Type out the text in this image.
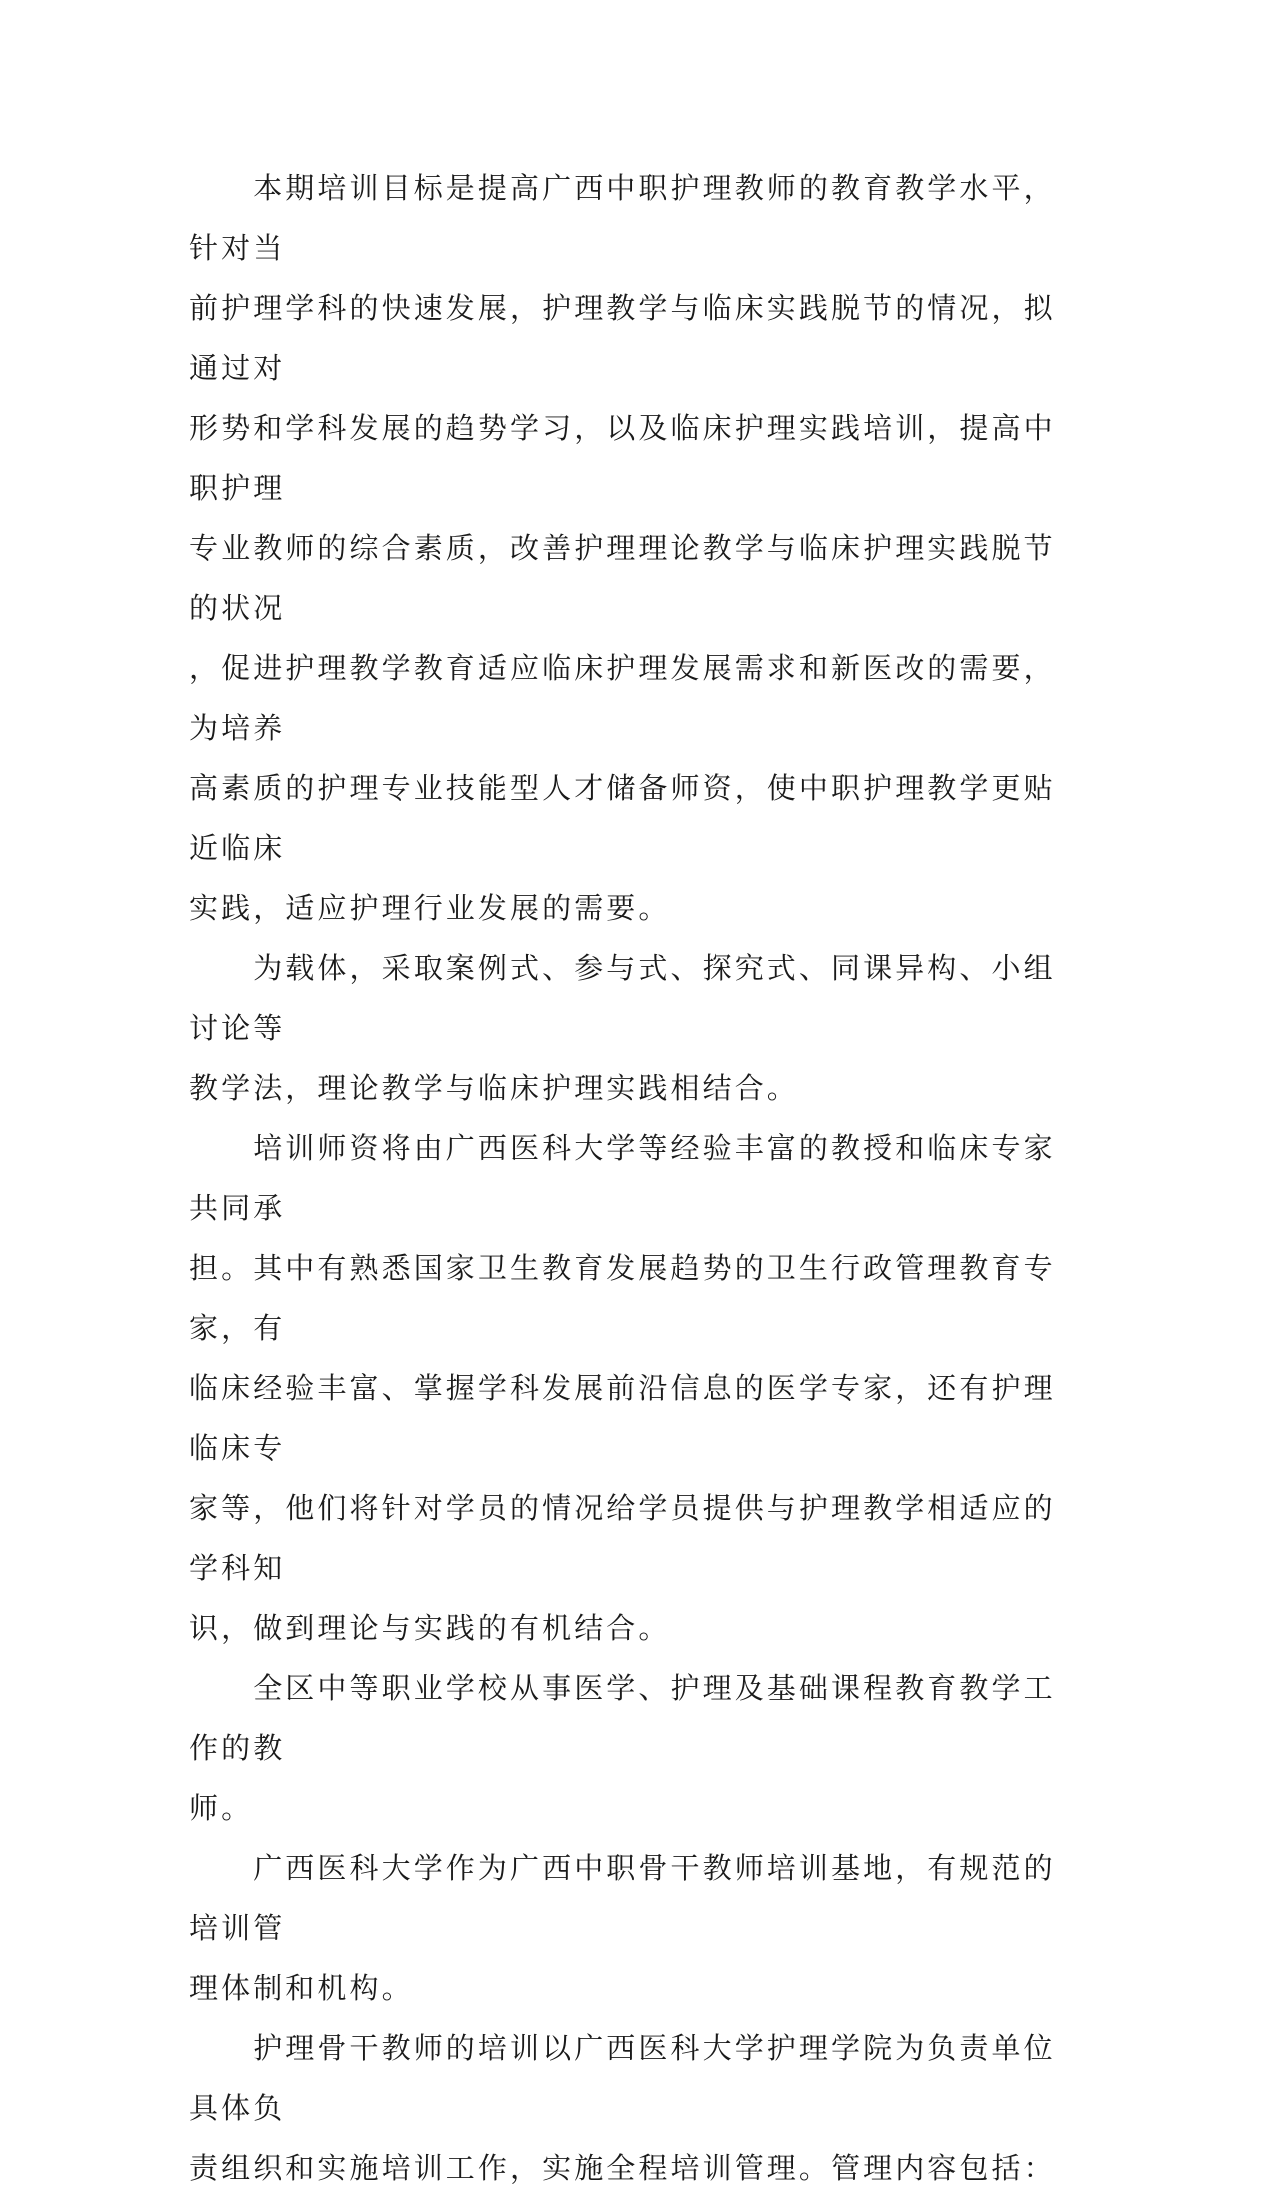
　　本期培训目标是提高广西中职护理教师的教育教学水平，针对当
前护理学科的快速发展，护理教学与临床实践脱节的情况，拟通过对
形势和学科发展的趋势学习，以及临床护理实践培训，提高中职护理
专业教师的综合素质，改善护理理论教学与临床护理实践脱节的状况
，促进护理教学教育适应临床护理发展需求和新医改的需要，为培养
高素质的护理专业技能型人才储备师资，使中职护理教学更贴近临床
实践，适应护理行业发展的需要。

　　为载体，采取案例式、参与式、探究式、同课异构、小组讨论等
教学法，理论教学与临床护理实践相结合。

　　培训师资将由广西医科大学等经验丰富的教授和临床专家共同承
担。其中有熟悉国家卫生教育发展趋势的卫生行政管理教育专家，有
临床经验丰富、掌握学科发展前沿信息的医学专家，还有护理临床专
家等，他们将针对学员的情况给学员提供与护理教学相适应的学科知
识，做到理论与实践的有机结合。

　　全区中等职业学校从事医学、护理及基础课程教育教学工作的教
师。

　　广西医科大学作为广西中职骨干教师培训基地，有规范的培训管
理体制和机构。

　　护理骨干教师的培训以广西医科大学护理学院为负责单位具体负
责组织和实施培训工作，实施全程培训管理。管理内容包括：
